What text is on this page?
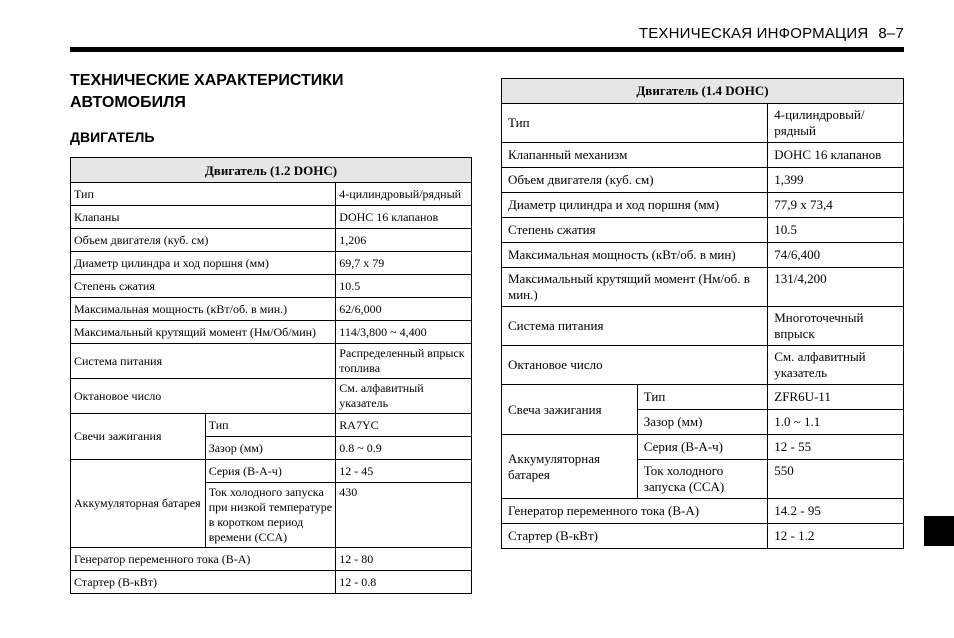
ТЕХНИЧЕСКАЯ ИНФОРМАЦИЯ 8–7
ТЕХНИЧЕСКИЕ ХАРАКТЕРИСТИКИ
АВТОМОБИЛЯ
ДВИГАТЕЛЬ
Двигатель (1.2 DOHC)		
Тип		4-цилиндровый/рядный
Клапаны		DOHC 16 клапанов
Объем двигателя (куб. см)		1,206
Диаметр цилиндра и ход поршня (мм)		69,7 x 79
Степень сжатия		10.5
Максимальная мощность (кВт/об. в мин.)		62/6,000
Максимальный крутящий момент (Нм/Об/мин)		114/3,800 ~ 4,400
Система питания		Распределенный впрыск топлива
Октановое число		См. алфавитный указатель
Свечи зажигания	Тип	RA7YC
	Зазор (мм)	0.8 ~ 0.9
Аккумуляторная батарея	Серия (В-А-ч)	12 - 45
	Ток холодного запуска при низкой температуре в коротком период времени (CCA)	430
Генератор переменного тока (В-А)		12 - 80
Стартер (В-кВт)		12 - 0.8
Двигатель (1.4 DOHC)		
Тип		4-цилиндровый/ рядный
Клапанный механизм		DOHC 16 клапанов
Объем двигателя (куб. см)		1,399
Диаметр цилиндра и ход поршня (мм)		77,9 x 73,4
Степень сжатия		10.5
Максимальная мощность (кВт/об. в мин)		74/6,400
Максимальный крутящий момент (Нм/об. в мин.)		131/4,200
Система питания		Многоточечный впрыск
Октановое число		См. алфавитный указатель
Свеча зажигания	Тип	ZFR6U-11
	Зазор (мм)	1.0 ~ 1.1
Аккумуляторная батарея	Серия (В-А-ч)	12 - 55
	Ток холодного запуска (CCA)	550
Генератор переменного тока (В-А)		14.2 - 95
Стартер (В-кВт)		12 - 1.2
